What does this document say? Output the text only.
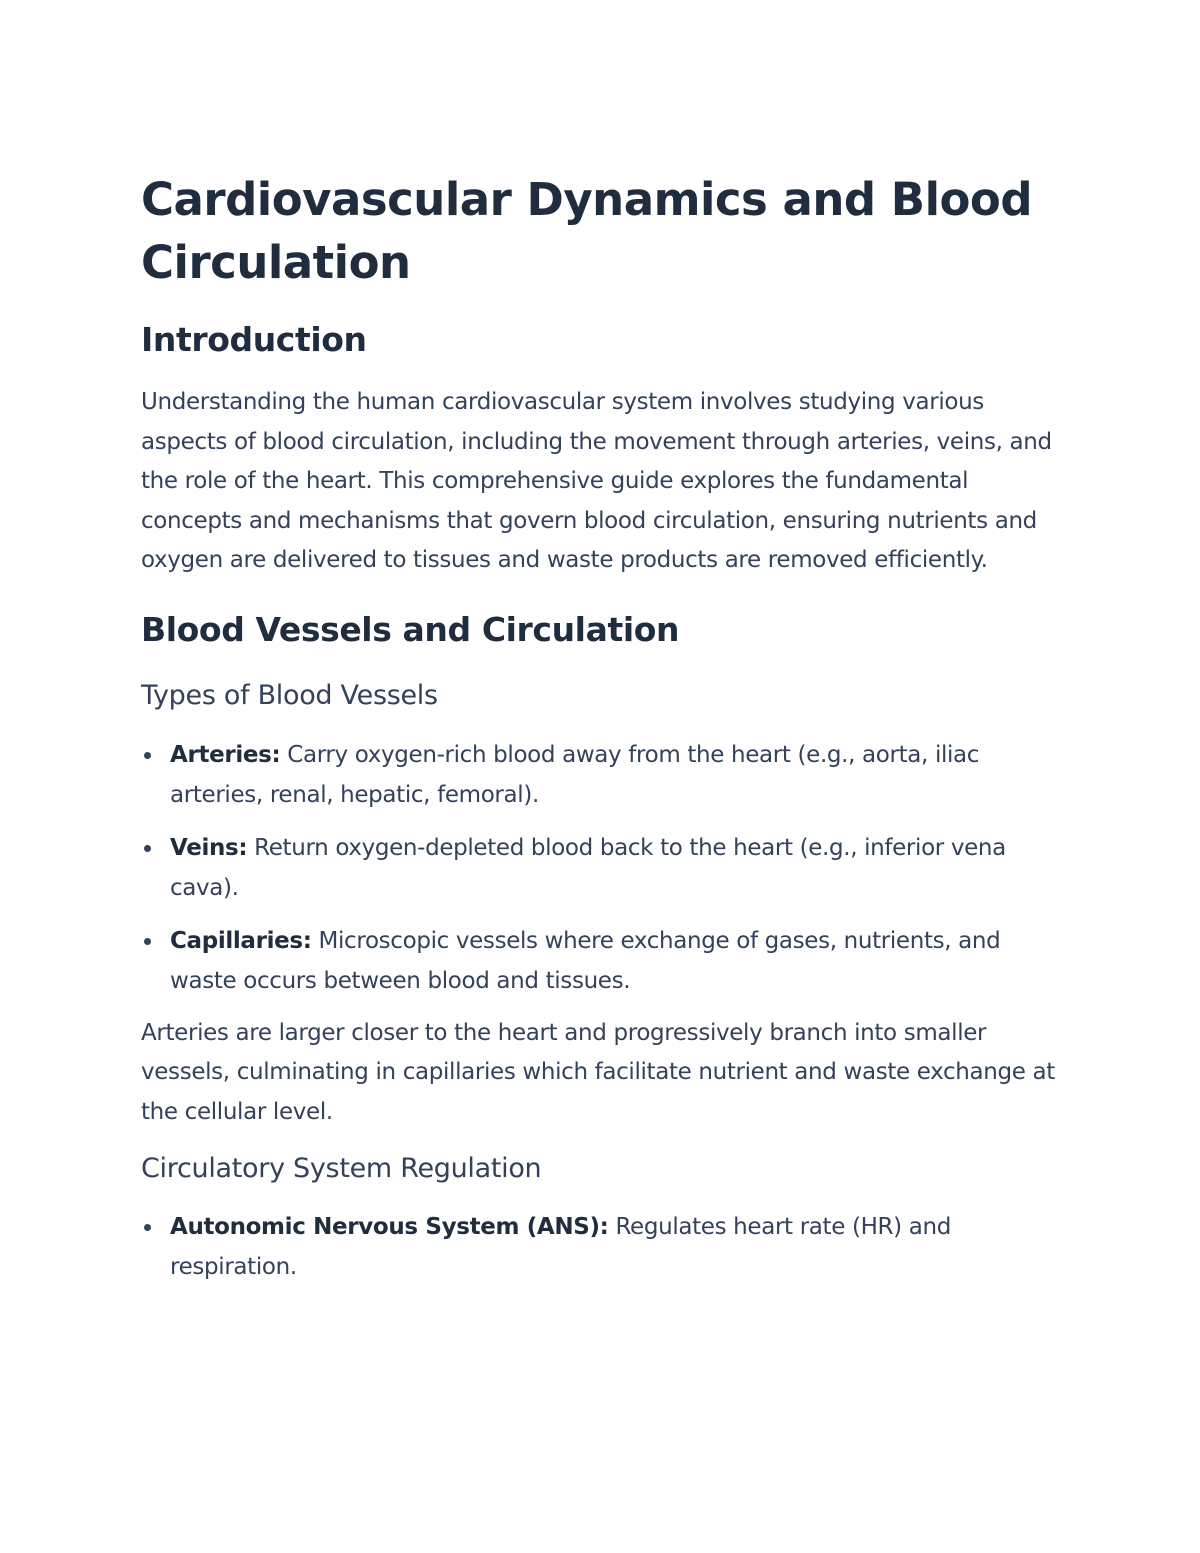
Cardiovascular Dynamics and Blood Circulation
Introduction

Understanding the human cardiovascular system involves studying various aspects of blood circulation, including the movement through arteries, veins, and the role of the heart. This comprehensive guide explores the fundamental concepts and mechanisms that govern blood circulation, ensuring nutrients and oxygen are delivered to tissues and waste products are removed efficiently.

Blood Vessels and Circulation
Types of Blood Vessels
Arteries: Carry oxygen-rich blood away from the heart (e.g., aorta, iliac arteries, renal, hepatic, femoral).
Veins: Return oxygen-depleted blood back to the heart (e.g., inferior vena cava).
Capillaries: Microscopic vessels where exchange of gases, nutrients, and waste occurs between blood and tissues.

Arteries are larger closer to the heart and progressively branch into smaller vessels, culminating in capillaries which facilitate nutrient and waste exchange at the cellular level.

Circulatory System Regulation
Autonomic Nervous System (ANS): Regulates heart rate (HR) and respiration.
